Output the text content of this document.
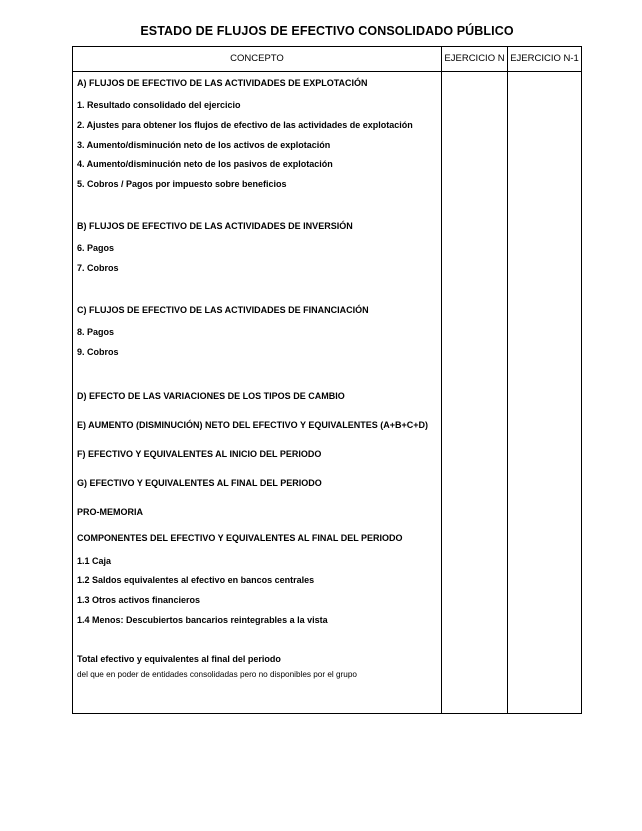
ESTADO DE FLUJOS DE EFECTIVO CONSOLIDADO PÚBLICO
CONCEPTO	EJERCICIO N EJERCICIO N-1
A) FLUJOS DE EFECTIVO DE LAS ACTIVIDADES DE EXPLOTACIÓN
1. Resultado consolidado del ejercicio
2. Ajustes para obtener los flujos de efectivo de las actividades de explotación
3. Aumento/disminución neto de los activos de explotación
4. Aumento/disminución neto de los pasivos de explotación
5. Cobros / Pagos por impuesto sobre beneficios
B) FLUJOS DE EFECTIVO DE LAS ACTIVIDADES DE INVERSIÓN
6. Pagos
7. Cobros
C) FLUJOS DE EFECTIVO DE LAS ACTIVIDADES DE FINANCIACIÓN
8. Pagos
9. Cobros
D) EFECTO DE LAS VARIACIONES DE LOS TIPOS DE CAMBIO
E) AUMENTO (DISMINUCIÓN) NETO DEL EFECTIVO Y EQUIVALENTES (A+B+C+D)
F) EFECTIVO Y EQUIVALENTES AL INICIO DEL PERIODO
G) EFECTIVO Y EQUIVALENTES AL FINAL DEL PERIODO
PRO-MEMORIA
COMPONENTES DEL EFECTIVO Y EQUIVALENTES AL FINAL DEL PERIODO
1.1 Caja
1.2 Saldos equivalentes al efectivo en bancos centrales
1.3 Otros activos financieros
1.4 Menos: Descubiertos bancarios reintegrables a la vista
Total efectivo y equivalentes al final del periodo
del que en poder de entidades consolidadas pero no disponibles por el grupo
